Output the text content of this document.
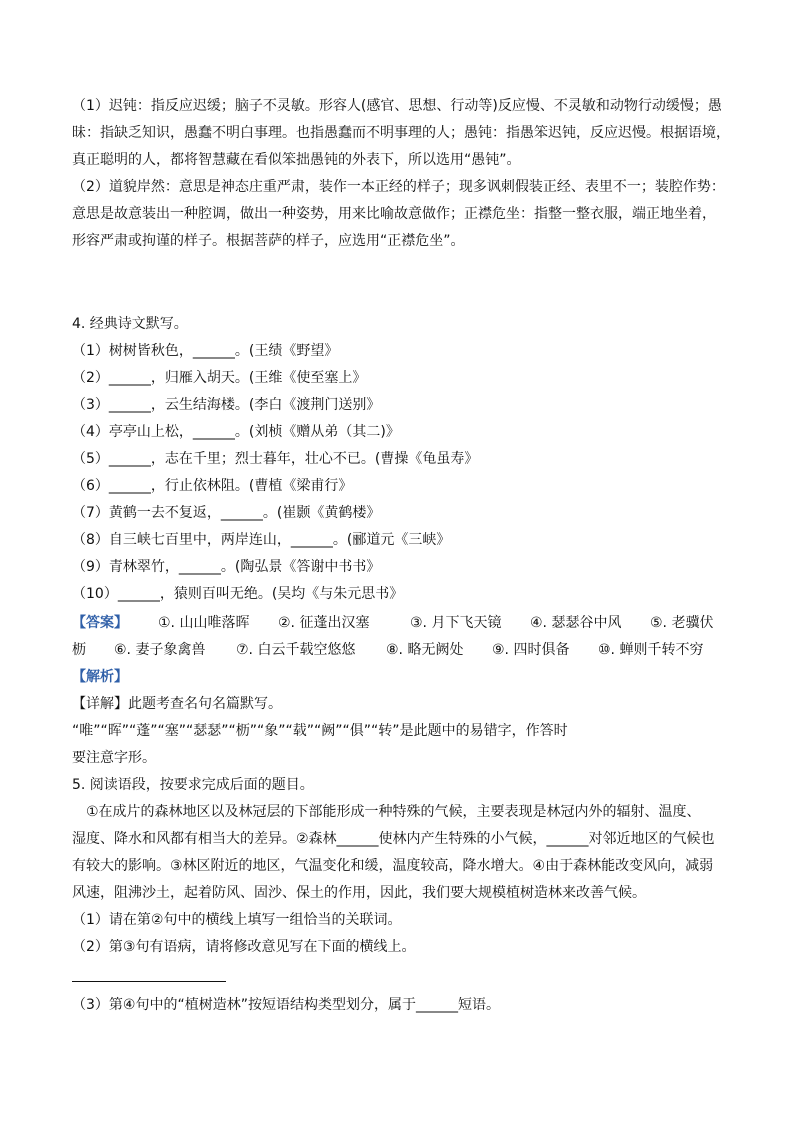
（1）迟钝：指反应迟缓；脑子不灵敏。形容人(感官、思想、行动等)反应慢、不灵敏和动物行动缓慢；愚
昧：指缺乏知识，愚蠢不明白事理。也指愚蠢而不明事理的人；愚钝：指愚笨迟钝，反应迟慢。根据语境，
真正聪明的人，都将智慧藏在看似笨拙愚钝的外表下，所以选用“愚钝”。
（2）道貌岸然：意思是神态庄重严肃，装作一本正经的样子；现多讽刺假装正经、表里不一；装腔作势：
意思是故意装出一种腔调，做出一种姿势，用来比喻故意做作；正襟危坐：指整一整衣服，端正地坐着，
形容严肃或拘谨的样子。根据菩萨的样子，应选用“正襟危坐”。
4. 经典诗文默写。
（1）树树皆秋色，______。(王绩《野望》
（2）______，归雁入胡天。(王维《使至塞上》
（3）______，云生结海楼。(李白《渡荆门送别》
（4）亭亭山上松，______。(刘桢《赠从弟（其二)》
（5）______，志在千里；烈士暮年，壮心不已。(曹操《龟虽寿》
（6）______，行止依林阻。(曹植《梁甫行》
（7）黄鹤一去不复返，______。(崔颢《黄鹤楼》
（8）自三峡七百里中，两岸连山，______。(郦道元《三峡》
（9）青林翠竹，______。(陶弘景《答谢中书书》
（10）______，猿则百叫无绝。(吴均《与朱元思书》
【答案】 ①. 山山唯落晖 ②. 征蓬出汉塞	③. 月下飞天镜 ④. 瑟瑟谷中风 ⑤. 老骥伏
枥 ⑥. 妻子象禽兽 ⑦. 白云千载空悠悠 ⑧. 略无阙处 ⑨. 四时俱备 ⑩. 蝉则千转不穷
【解析】
【详解】此题考查名句名篇默写。
“唯”“晖”“蓬”“塞”“瑟瑟”“枥”“象”“载”“阙”“俱”“转”是此题中的易错字，作答时
要注意字形。
5. 阅读语段，按要求完成后面的题目。
①在成片的森林地区以及林冠层的下部能形成一种特殊的气候，主要表现是林冠内外的辐射、温度、
湿度、降水和风都有相当大的差异。②森林______使林内产生特殊的小气候，______对邻近地区的气候也
有较大的影响。③林区附近的地区，气温变化和缓，温度较高，降水增大。④由于森林能改变风向，减弱
风速，阻沸沙土，起着防风、固沙、保土的作用，因此，我们要大规模植树造林来改善气候。
（1）请在第②句中的横线上填写一组恰当的关联词。
（2）第③句有语病，请将修改意见写在下面的横线上。
（3）第④句中的“植树造林”按短语结构类型划分，属于______短语。
